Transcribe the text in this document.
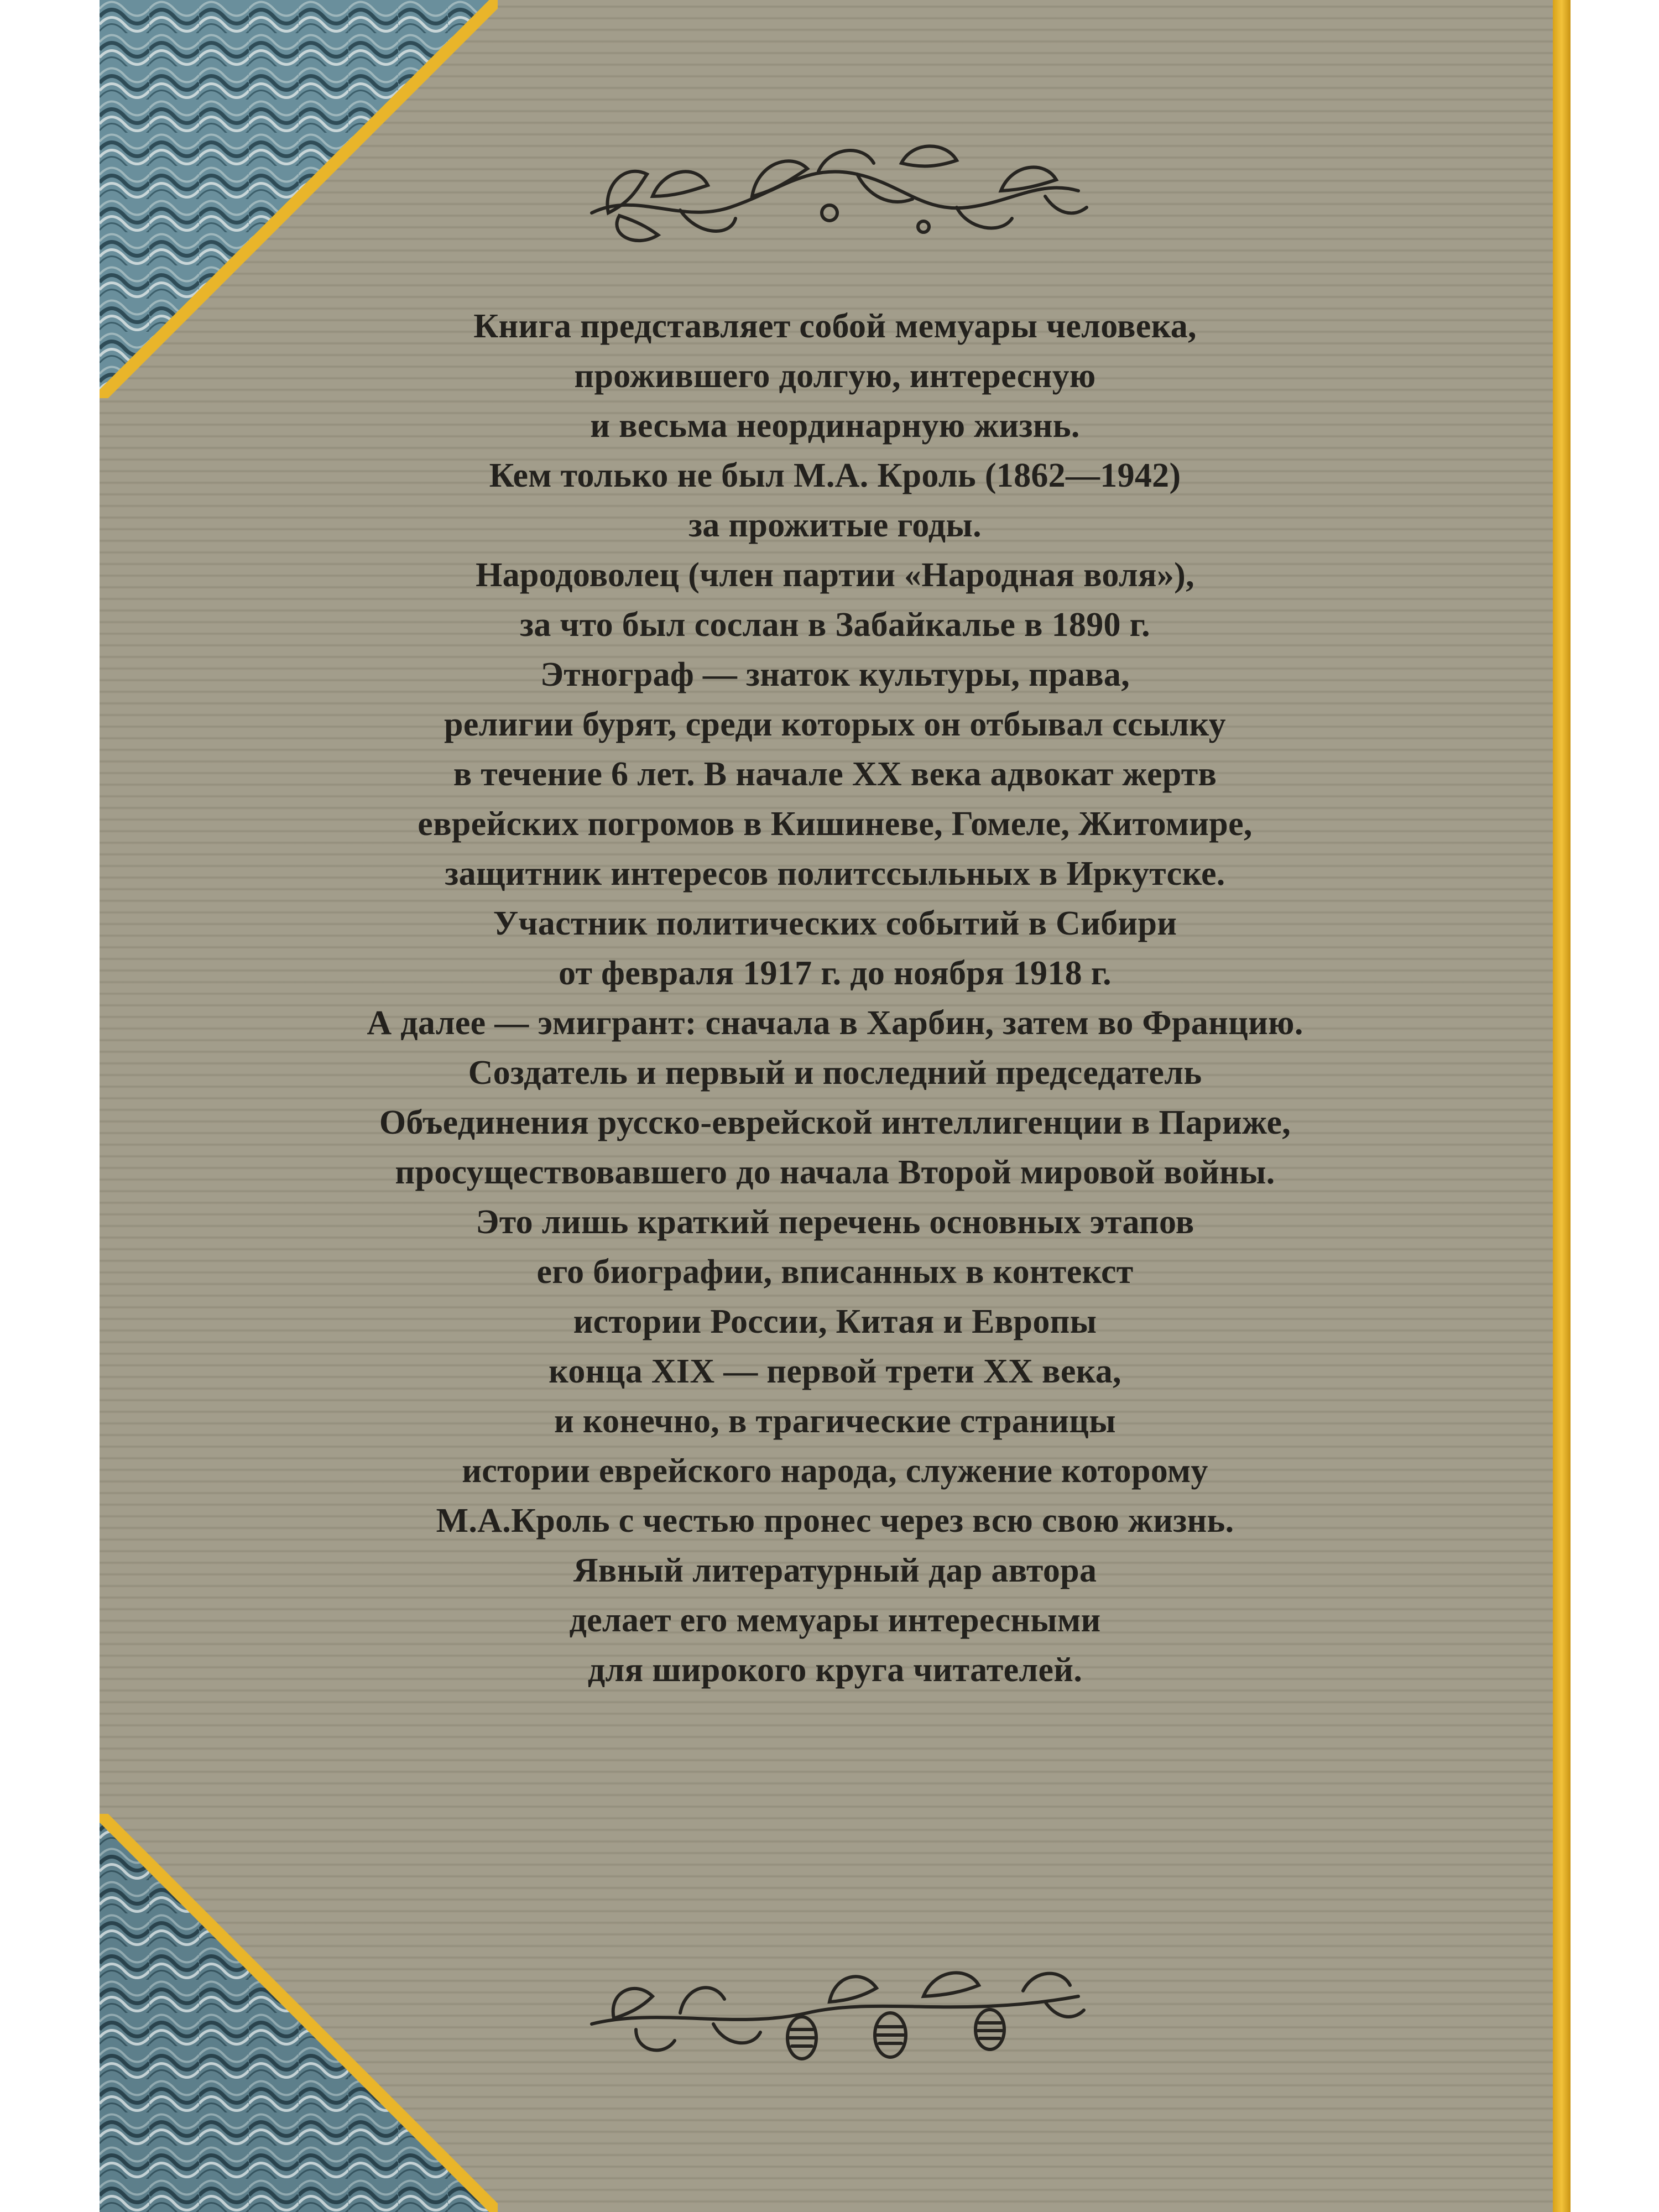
Книга представляет собой мемуары человека,
прожившего долгую, интересную
и весьма неординарную жизнь.
Кем только не был М.А. Кроль (1862—1942)
за прожитые годы.
Народоволец (член партии «Народная воля»),
за что был сослан в Забайкалье в 1890 г.
Этнограф — знаток культуры, права,
религии бурят, среди которых он отбывал ссылку
в течение 6 лет. В начале XX века адвокат жертв
еврейских погромов в Кишиневе, Гомеле, Житомире,
защитник интересов политссыльных в Иркутске.
Участник политических событий в Сибири
от февраля 1917 г. до ноября 1918 г.
А далее — эмигрант: сначала в Харбин, затем во Францию.
Создатель и первый и последний председатель
Объединения русско-еврейской интеллигенции в Париже,
просуществовавшего до начала Второй мировой войны.
Это лишь краткий перечень основных этапов
его биографии, вписанных в контекст
истории России, Китая и Европы
конца XIX — первой трети XX века,
и конечно, в трагические страницы
истории еврейского народа, служение которому
М.А.Кроль с честью пронес через всю свою жизнь.
Явный литературный дар автора
делает его мемуары интересными
для широкого круга читателей.
